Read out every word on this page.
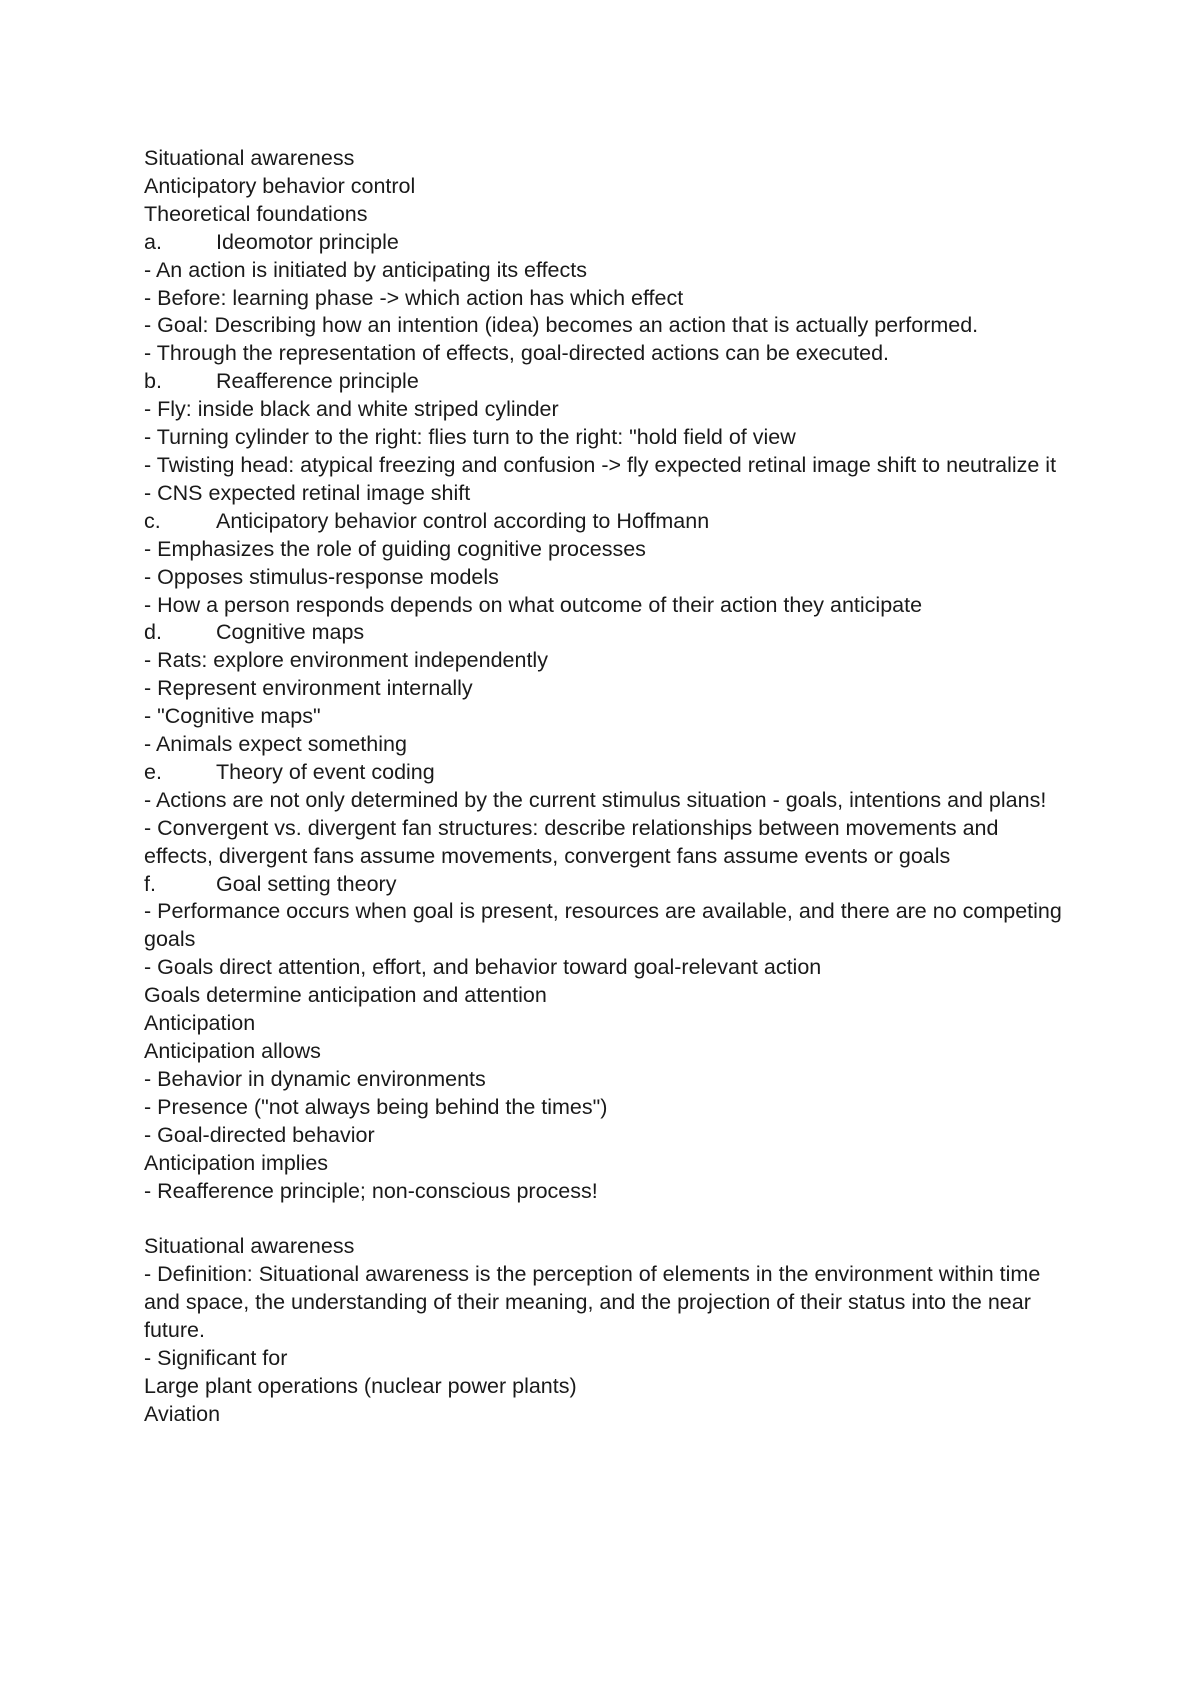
Situational awareness
Anticipatory behavior control
Theoretical foundations
a.	Ideomotor principle
- An action is initiated by anticipating its effects
- Before: learning phase -> which action has which effect
- Goal: Describing how an intention (idea) becomes an action that is actually performed.
- Through the representation of effects, goal-directed actions can be executed.
b.	Reafference principle
- Fly: inside black and white striped cylinder
- Turning cylinder to the right: flies turn to the right: "hold field of view
- Twisting head: atypical freezing and confusion -> fly expected retinal image shift to neutralize it
- CNS expected retinal image shift
c.	Anticipatory behavior control according to Hoffmann
- Emphasizes the role of guiding cognitive processes
- Opposes stimulus-response models
- How a person responds depends on what outcome of their action they anticipate
d.	Cognitive maps
- Rats: explore environment independently
- Represent environment internally
- "Cognitive maps"
- Animals expect something
e.	Theory of event coding
- Actions are not only determined by the current stimulus situation - goals, intentions and plans!
- Convergent vs. divergent fan structures: describe relationships between movements and effects, divergent fans assume movements, convergent fans assume events or goals
f.	Goal setting theory
- Performance occurs when goal is present, resources are available, and there are no competing goals
- Goals direct attention, effort, and behavior toward goal-relevant action
Goals determine anticipation and attention
Anticipation
Anticipation allows
- Behavior in dynamic environments
- Presence ("not always being behind the times")
- Goal-directed behavior
Anticipation implies
- Reafference principle; non-conscious process!
Situational awareness
- Definition: Situational awareness is the perception of elements in the environment within time and space, the understanding of their meaning, and the projection of their status into the near future.
- Significant for
Large plant operations (nuclear power plants)
Aviation
